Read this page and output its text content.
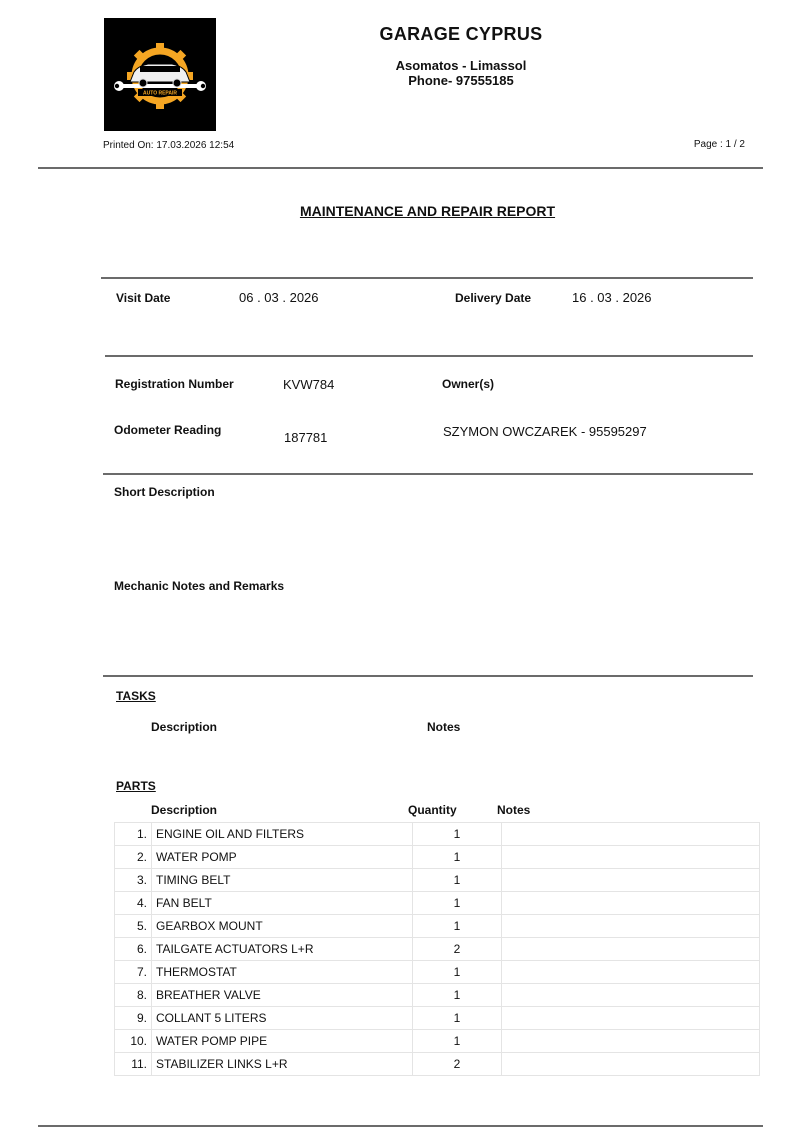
AUTO REPAIR
GARAGE CYPRUS
Asomatos - Limassol
Phone- 97555185
Printed On: 17.03.2026 12:54	Page : 1 / 2
MAINTENANCE AND REPAIR REPORT
Visit Date	06 . 03 . 2026	Delivery Date	16 . 03 . 2026
Registration Number	KVW784	Owner(s)
Odometer Reading	187781	SZYMON OWCZAREK - 95595297
Short Description
Mechanic Notes and Remarks
TASKS
Description	Notes
PARTS
Description	Quantity	Notes
1.	ENGINE OIL AND FILTERS	1	
2.	WATER POMP	1	
3.	TIMING BELT	1	
4.	FAN BELT	1	
5.	GEARBOX MOUNT	1	
6.	TAILGATE ACTUATORS L+R	2	
7.	THERMOSTAT	1	
8.	BREATHER VALVE	1	
9.	COLLANT 5 LITERS	1	
10.	WATER POMP PIPE	1	
11.	STABILIZER LINKS L+R	2	
